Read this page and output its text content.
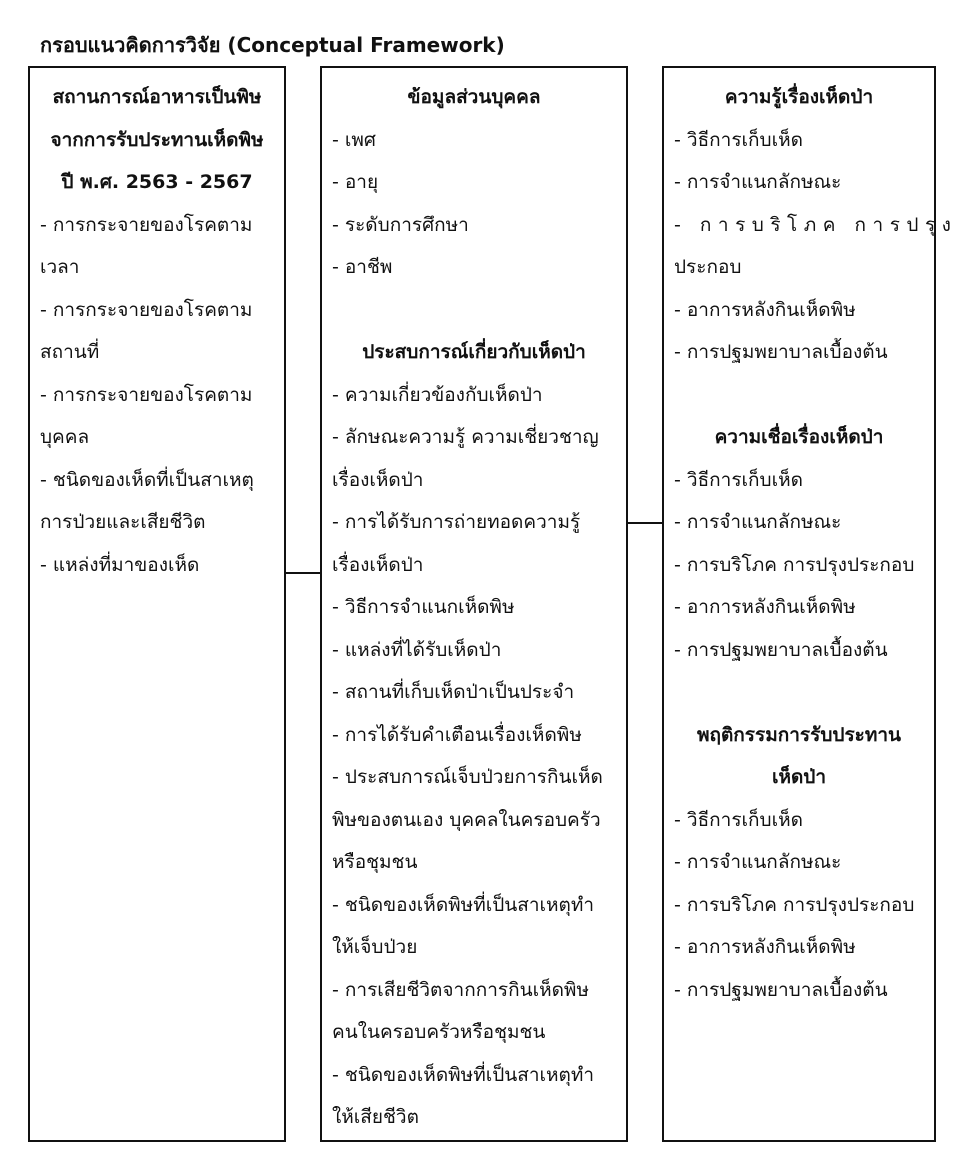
กรอบแนวคิดการวิจัย (Conceptual Framework)
สถานการณ์อาหารเป็นพิษ
จากการรับประทานเห็ดพิษ
ปี พ.ศ. 2563 - 2567
- การกระจายของโรคตาม
เวลา
- การกระจายของโรคตาม
สถานที่
- การกระจายของโรคตาม
บุคคล
- ชนิดของเห็ดที่เป็นสาเหตุ
การป่วยและเสียชีวิต
- แหล่งที่มาของเห็ด
ข้อมูลส่วนบุคคล
- เพศ
- อายุ
- ระดับการศึกษา
- อาชีพ
ประสบการณ์เกี่ยวกับเห็ดป่า
- ความเกี่ยวข้องกับเห็ดป่า
- ลักษณะความรู้ ความเชี่ยวชาญ
เรื่องเห็ดป่า
- การได้รับการถ่ายทอดความรู้
เรื่องเห็ดป่า
- วิธีการจำแนกเห็ดพิษ
- แหล่งที่ได้รับเห็ดป่า
- สถานที่เก็บเห็ดป่าเป็นประจำ
- การได้รับคำเตือนเรื่องเห็ดพิษ
- ประสบการณ์เจ็บป่วยการกินเห็ด
พิษของตนเอง บุคคลในครอบครัว
หรือชุมชน
- ชนิดของเห็ดพิษที่เป็นสาเหตุทำ
ให้เจ็บป่วย
- การเสียชีวิตจากการกินเห็ดพิษ
คนในครอบครัวหรือชุมชน
- ชนิดของเห็ดพิษที่เป็นสาเหตุทำ
ให้เสียชีวิต
ความรู้เรื่องเห็ดป่า
- วิธีการเก็บเห็ด
- การจำแนกลักษณะ
- การบริโภค การปรุง
ประกอบ
- อาการหลังกินเห็ดพิษ
- การปฐมพยาบาลเบื้องต้น
ความเชื่อเรื่องเห็ดป่า
- วิธีการเก็บเห็ด
- การจำแนกลักษณะ
- การบริโภค การปรุงประกอบ
- อาการหลังกินเห็ดพิษ
- การปฐมพยาบาลเบื้องต้น
พฤติกรรมการรับประทาน
เห็ดป่า
- วิธีการเก็บเห็ด
- การจำแนกลักษณะ
- การบริโภค การปรุงประกอบ
- อาการหลังกินเห็ดพิษ
- การปฐมพยาบาลเบื้องต้น
